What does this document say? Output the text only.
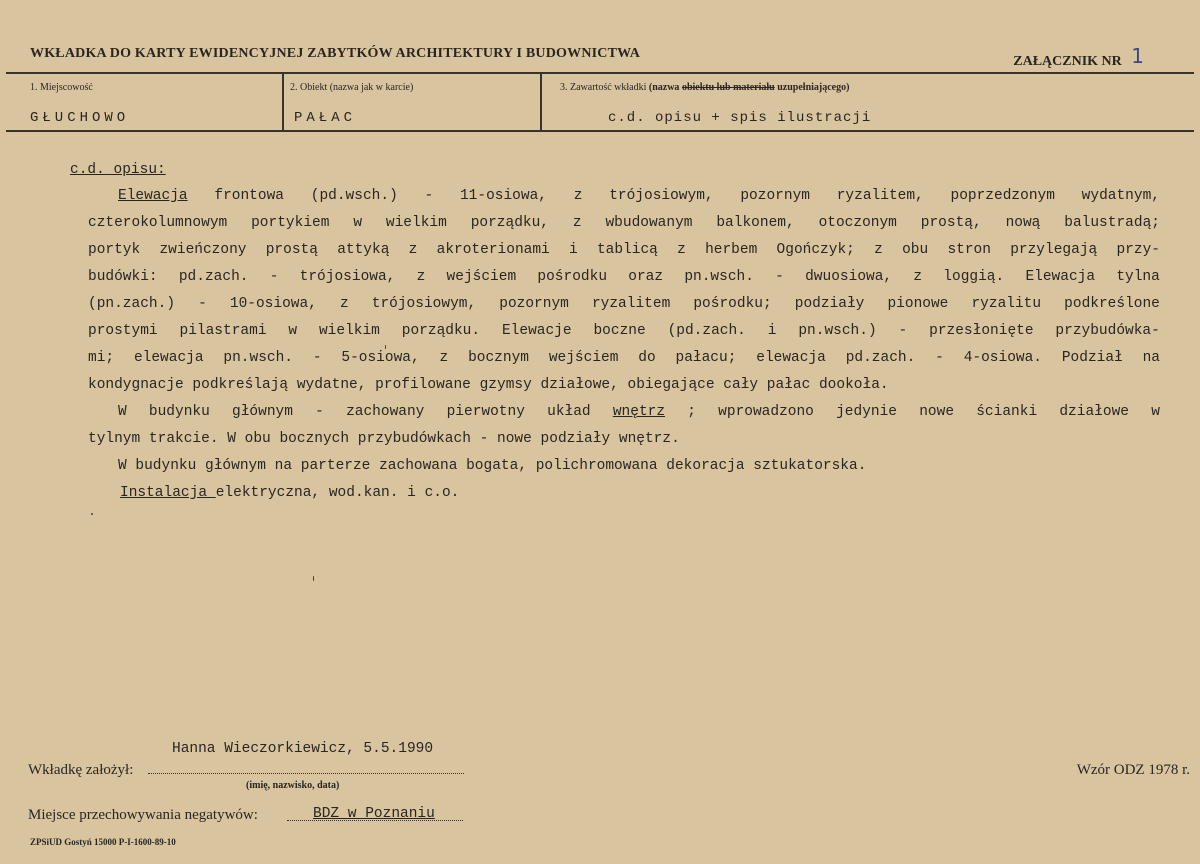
WKŁADKA DO KARTY EWIDENCYJNEJ ZABYTKÓW ARCHITEKTURY I BUDOWNICTWA
ZAŁĄCZNIK NR 1
1. Miejscowość
GŁUCHOWO
2. Obiekt (nazwa jak w karcie)
PAŁAC
3. Zawartość wkładki (nazwa obiektu lub materiału uzupełniającego)
c.d. opisu + spis ilustracji
c.d. opisu:
Elewacja frontowa (pd.wsch.) - 11-osiowa, z trójosiowym, pozornym ryzalitem, poprzedzonym wydatnym,
czterokolumnowym portykiem w wielkim porządku, z wbudowanym balkonem, otoczonym prostą, nową balustradą;
portyk zwieńczony prostą attyką z akroterionami i tablicą z herbem Ogończyk; z obu stron przylegają przy-
budówki: pd.zach. - trójosiowa, z wejściem pośrodku oraz pn.wsch. - dwuosiowa, z loggią. Elewacja tylna
(pn.zach.) - 10-osiowa, z trójosiowym, pozornym ryzalitem pośrodku; podziały pionowe ryzalitu podkreślone
prostymi pilastrami w wielkim porządku. Elewacje boczne (pd.zach. i pn.wsch.) - przesłonięte przybudówka-
mi; elewacja pn.wsch. - 5-osiowa, z bocznym wejściem do pałacu; elewacja pd.zach. - 4-osiowa. Podział na
kondygnacje podkreślają wydatne, profilowane gzymsy działowe, obiegające cały pałac dookoła.
W budynku głównym - zachowany pierwotny układ wnętrz ; wprowadzono jedynie nowe ścianki działowe w
tylnym trakcie. W obu bocznych przybudówkach - nowe podziały wnętrz.
W budynku głównym na parterze zachowana bogata, polichromowana dekoracja sztukatorska.
Instalacja elektryczna, wod.kan. i c.o.
Hanna Wieczorkiewicz, 5.5.1990
Wkładkę założył:
(imię, nazwisko, data)
Wzór ODZ 1978 r.
Miejsce przechowywania negatywów:	BDZ w Poznaniu
ZPSiUD Gostyń 15000 P-I-1600-89-10
